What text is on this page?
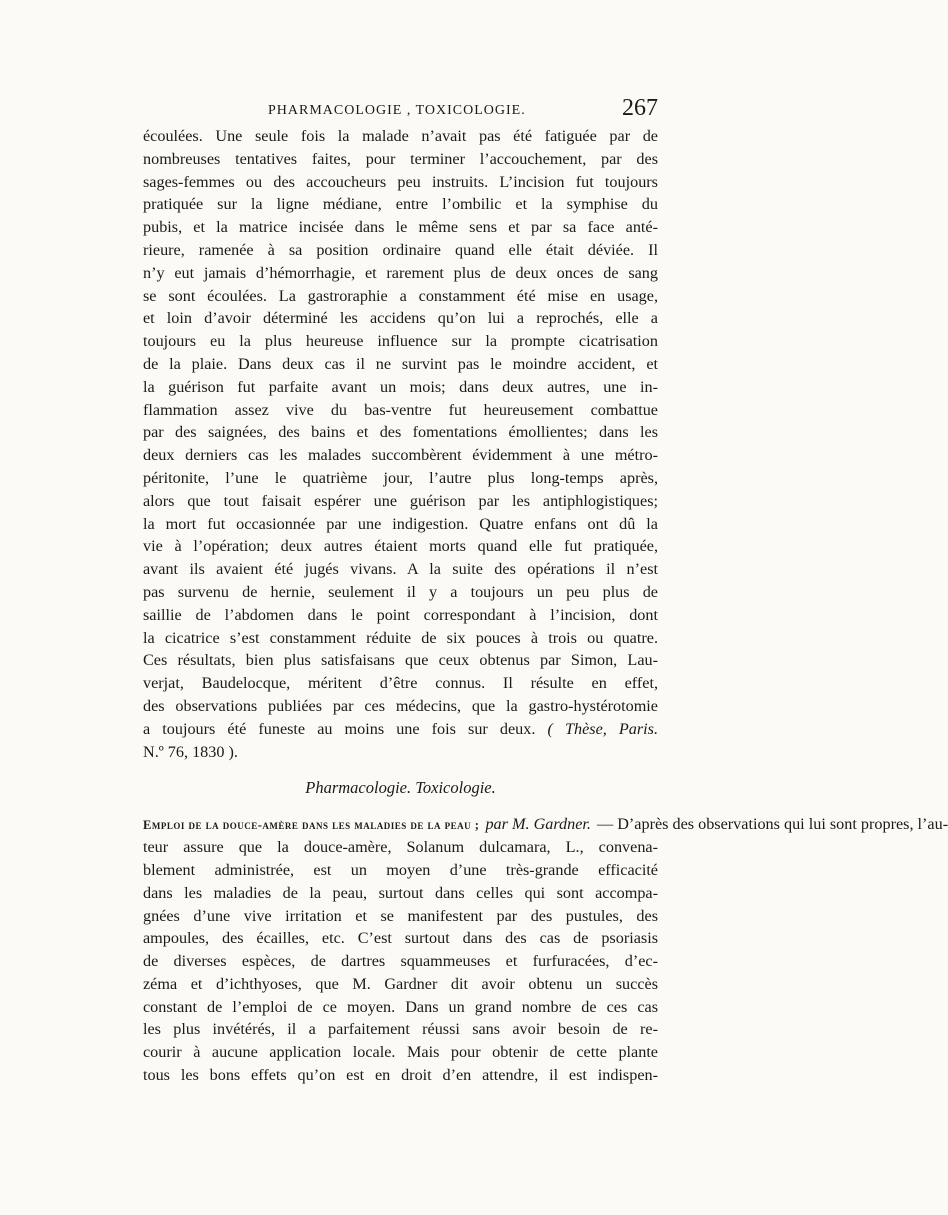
PHARMACOLOGIE , TOXICOLOGIE.	267
écoulées. Une seule fois la malade n’avait pas été fatiguée par de
nombreuses tentatives faites, pour terminer l’accouchement, par des
sages-femmes ou des accoucheurs peu instruits. L’incision fut toujours
pratiquée sur la ligne médiane, entre l’ombilic et la symphise du
pubis, et la matrice incisée dans le même sens et par sa face anté-
rieure, ramenée à sa position ordinaire quand elle était déviée. Il
n’y eut jamais d’hémorrhagie, et rarement plus de deux onces de sang
se sont écoulées. La gastroraphie a constamment été mise en usage,
et loin d’avoir déterminé les accidens qu’on lui a reprochés, elle a
toujours eu la plus heureuse influence sur la prompte cicatrisation
de la plaie. Dans deux cas il ne survint pas le moindre accident, et
la guérison fut parfaite avant un mois; dans deux autres, une in-
flammation assez vive du bas-ventre fut heureusement combattue
par des saignées, des bains et des fomentations émollientes; dans les
deux derniers cas les malades succombèrent évidemment à une métro-
péritonite, l’une le quatrième jour, l’autre plus long-temps après,
alors que tout faisait espérer une guérison par les antiphlogistiques;
la mort fut occasionnée par une indigestion. Quatre enfans ont dû la
vie à l’opération; deux autres étaient morts quand elle fut pratiquée,
avant ils avaient été jugés vivans. A la suite des opérations il n’est
pas survenu de hernie, seulement il y a toujours un peu plus de
saillie de l’abdomen dans le point correspondant à l’incision, dont
la cicatrice s’est constamment réduite de six pouces à trois ou quatre.
Ces résultats, bien plus satisfaisans que ceux obtenus par Simon, Lau-
verjat, Baudelocque, méritent d’être connus. Il résulte en effet,
des observations publiées par ces médecins, que la gastro-hystérotomie
a toujours été funeste au moins une fois sur deux. ( Thèse, Paris.
N.º 76, 1830 ).
Pharmacologie. Toxicologie.
Emploi de la douce-amère dans les maladies de la peau ; par M. Gardner. — D’après des observations qui lui sont propres, l’au-
teur assure que la douce-amère, Solanum dulcamara, L., convena-
blement administrée, est un moyen d’une très-grande efficacité
dans les maladies de la peau, surtout dans celles qui sont accompa-
gnées d’une vive irritation et se manifestent par des pustules, des
ampoules, des écailles, etc. C’est surtout dans des cas de psoriasis
de diverses espèces, de dartres squammeuses et furfuracées, d’ec-
zéma et d’ichthyoses, que M. Gardner dit avoir obtenu un succès
constant de l’emploi de ce moyen. Dans un grand nombre de ces cas
les plus invétérés, il a parfaitement réussi sans avoir besoin de re-
courir à aucune application locale. Mais pour obtenir de cette plante
tous les bons effets qu’on est en droit d’en attendre, il est indispen-
